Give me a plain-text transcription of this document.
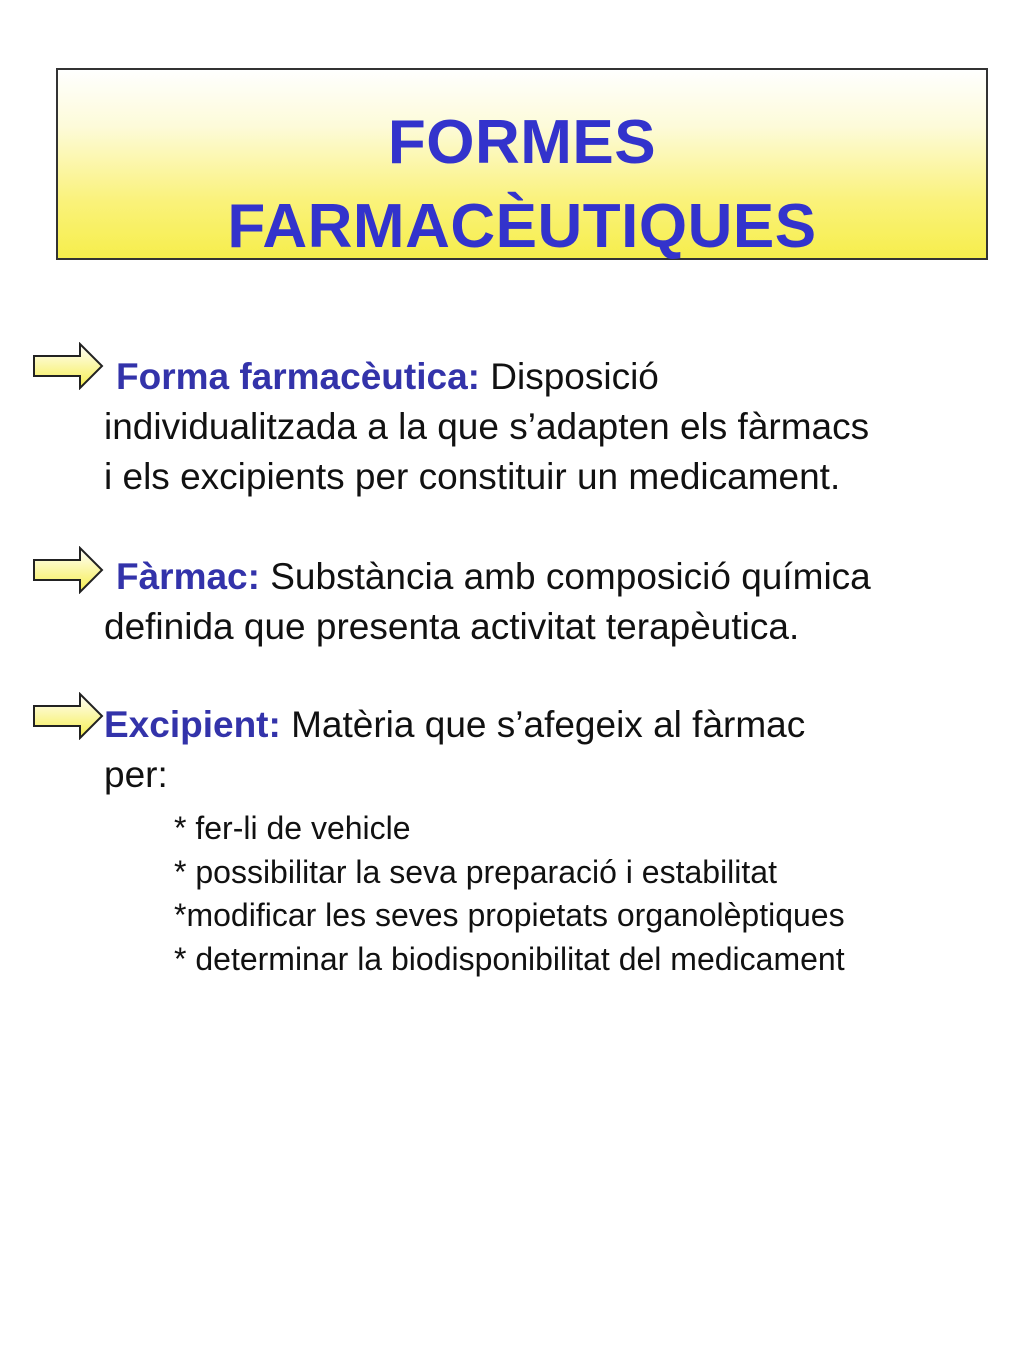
FORMES
FARMACÈUTIQUES

Forma farmacèutica: Disposició

individualitzada a la que s’adapten els fàrmacs

i els excipients per constituir un medicament.

Fàrmac: Substància amb composició química

definida que presenta activitat terapèutica.

Excipient: Matèria que s’afegeix al fàrmac

per:

* fer-li de vehicle

* possibilitar la seva preparació i estabilitat

*modificar les seves propietats organolèptiques

* determinar la biodisponibilitat del medicament
